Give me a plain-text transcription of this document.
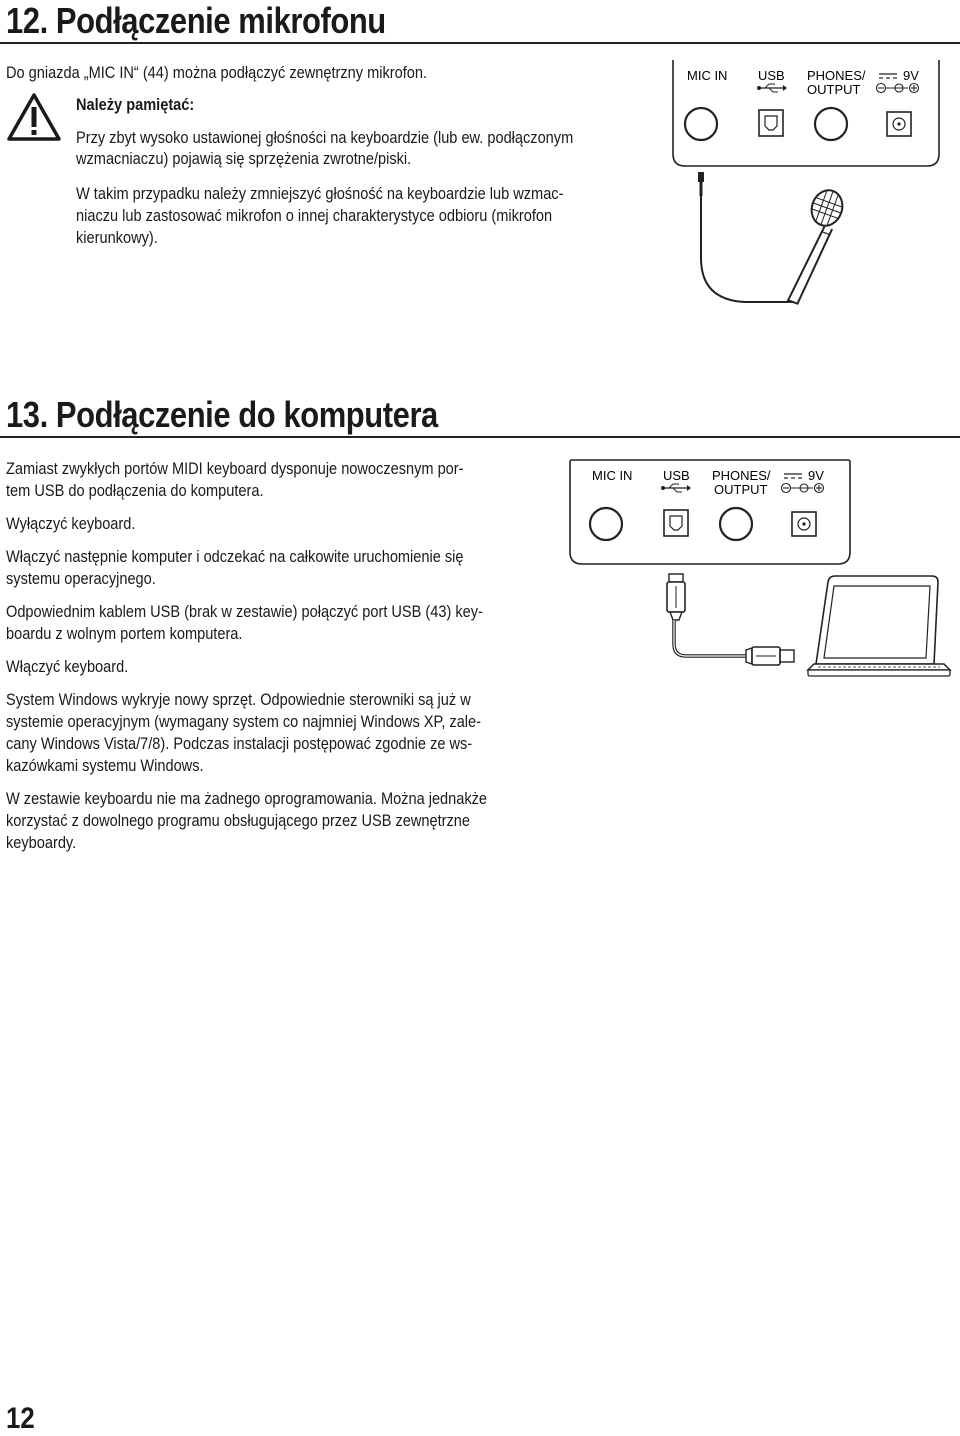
12. Podłączenie mikrofonu

Do gniazda „MIC IN“ (44) można podłączyć zewnętrzny mikrofon.

Należy pamiętać:

Przy zbyt wysoko ustawionej głośności na keyboardzie (lub ew. podłączonym

wzmacniaczu) pojawią się sprzężenia zwrotne/piski.

W takim przypadku należy zmniejszyć głośność na keyboardzie lub wzmac-

niaczu lub zastosować mikrofon o innej charakterystyce odbioru (mikrofon

kierunkowy).

MIC IN USB PHONES/
OUTPUT
9V
13. Podłączenie do komputera

Zamiast zwykłych portów MIDI keyboard dysponuje nowoczesnym por-

tem USB do podłączenia do komputera.

Wyłączyć keyboard.

Włączyć następnie komputer i odczekać na całkowite uruchomienie się

systemu operacyjnego.

Odpowiednim kablem USB (brak w zestawie) połączyć port USB (43) key-

boardu z wolnym portem komputera.

Włączyć keyboard.

System Windows wykryje nowy sprzęt. Odpowiednie sterowniki są już w

systemie operacyjnym (wymagany system co najmniej Windows XP, zale-

cany Windows Vista/7/8). Podczas instalacji postępować zgodnie ze ws-

kazówkami systemu Windows.

W zestawie keyboardu nie ma żadnego oprogramowania. Można jednakże

korzystać z dowolnego programu obsługującego przez USB zewnętrzne

keyboardy.

MIC IN USB PHONES/
OUTPUT
9V

12
